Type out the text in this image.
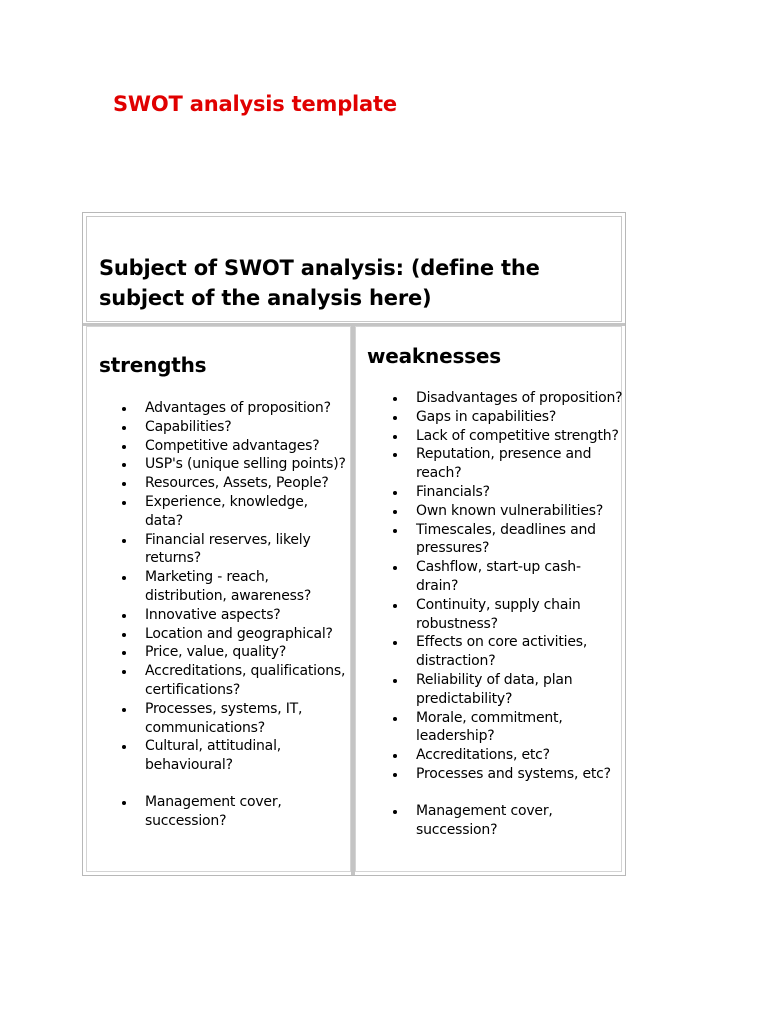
SWOT analysis template

Subject of SWOT analysis: (define the subject of the analysis here)

strengths
Advantages of proposition?
Capabilities?
Competitive advantages?
USP's (unique selling points)?
Resources, Assets, People?
Experience, knowledge, data?
Financial reserves, likely returns?
Marketing - reach, distribution, awareness?
Innovative aspects?
Location and geographical?
Price, value, quality?
Accreditations, qualifications, certifications?
Processes, systems, IT, communications?
Cultural, attitudinal, behavioural?
Management cover, succession?
weaknesses
Disadvantages of proposition?
Gaps in capabilities?
Lack of competitive strength?
Reputation, presence and reach?
Financials?
Own known vulnerabilities?
Timescales, deadlines and pressures?
Cashflow, start-up cash-drain?
Continuity, supply chain robustness?
Effects on core activities, distraction?
Reliability of data, plan predictability?
Morale, commitment, leadership?
Accreditations, etc?
Processes and systems, etc?
Management cover, succession?
